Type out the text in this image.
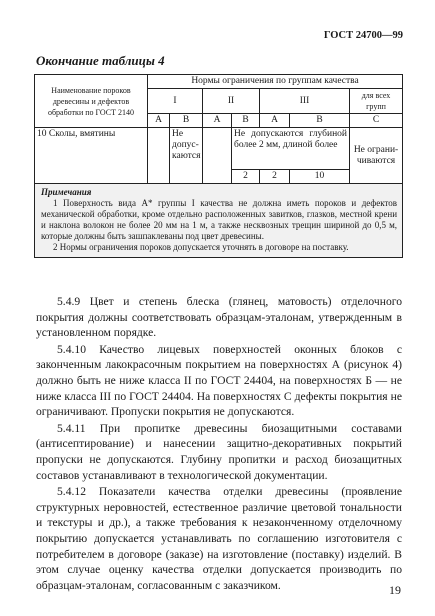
ГОСТ 24700—99
Окончание таблицы 4
Наименование пороков древесины и дефектов обработки по ГОСТ 2140	Нормы ограничения по группам качества						
	I		II		III		для всех групп
	А	В	А	В	А	В	С
10 Сколы, вмятины		Не допус-каются		Не допускаются глубиной более 2 мм, длиной более			Не ограни-чиваются
				2	2	10	

Примечания

1 Поверхность вида А* группы I качества не должна иметь пороков и дефектов механической обработки, кроме отдельно расположенных завитков, глазков, местной крени и наклона волокон не более 20 мм на 1 м, а также несквозных трещин шириной до 0,5 м, которые должны быть зашпаклеваны под цвет древесины.

2 Нормы ограничения пороков допускается уточнять в договоре на поставку.							

5.4.9 Цвет и степень блеска (глянец, матовость) отделочного покрытия должны соответствовать образцам-эталонам, утвержденным в установленном порядке.

5.4.10 Качество лицевых поверхностей оконных блоков с законченным лакокрасочным покрытием на поверхностях А (рисунок 4) должно быть не ниже класса II по ГОСТ 24404, на поверхностях Б — не ниже класса III по ГОСТ 24404. На поверхностях С дефекты покрытия не ограничивают. Пропуски покрытия не допускаются.

5.4.11 При пропитке древесины биозащитными составами (антисептирование) и нанесении защитно-декоративных покрытий пропуски не допускаются. Глубину пропитки и расход биозащитных составов устанавливают в технологической документации.

5.4.12 Показатели качества отделки древесины (проявление структурных неровностей, естественное различие цветовой тональности и текстуры и др.), а также требования к незаконченному отделочному покрытию допускается устанавливать по соглашению изготовителя с потребителем в договоре (заказе) на изготовление (поставку) изделий. В этом случае оценку качества отделки допускается производить по образцам-эталонам, согласованным с заказчиком.	19
